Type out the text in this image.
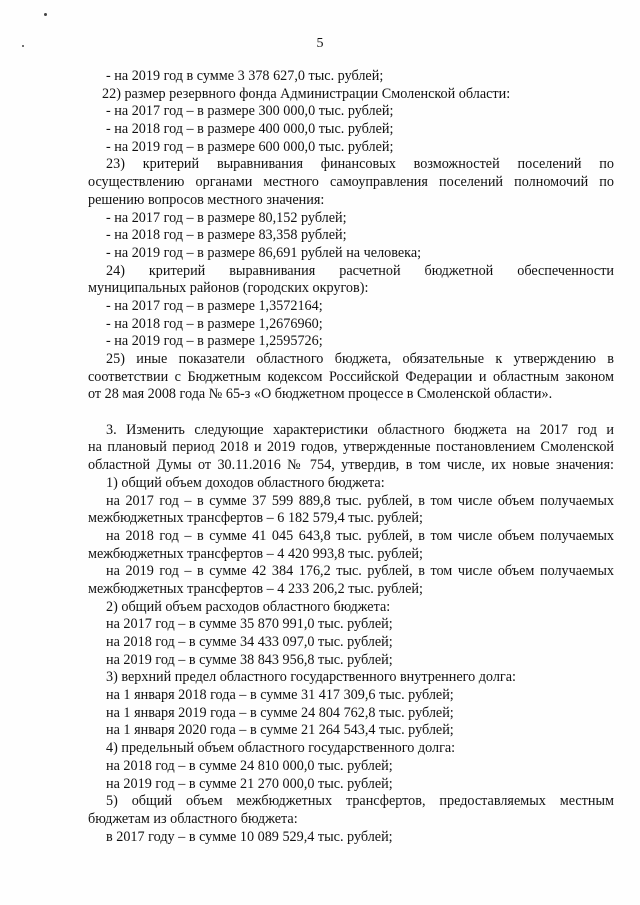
5
- на 2019 год в сумме 3 378 627,0 тыс. рублей;
22) размер резервного фонда Администрации Смоленской области:
- на 2017 год – в размере 300 000,0 тыс. рублей;
- на 2018 год – в размере 400 000,0 тыс. рублей;
- на 2019 год – в размере 600 000,0 тыс. рублей;
23) критерий выравнивания финансовых возможностей поселений по
осуществлению органами местного самоуправления поселений полномочий по
решению вопросов местного значения:
- на 2017 год – в размере 80,152 рублей;
- на 2018 год – в размере 83,358 рублей;
- на 2019 год – в размере 86,691 рублей на человека;
24) критерий выравнивания расчетной бюджетной обеспеченности
муниципальных районов (городских округов):
- на 2017 год – в размере 1,3572164;
- на 2018 год – в размере 1,2676960;
- на 2019 год – в размере 1,2595726;
25) иные показатели областного бюджета, обязательные к утверждению в
соответствии с Бюджетным кодексом Российской Федерации и областным законом
от 28 мая 2008 года № 65-з «О бюджетном процессе в Смоленской области».
3. Изменить следующие характеристики областного бюджета на 2017 год и
на плановый период 2018 и 2019 годов, утвержденные постановлением Смоленской
областной Думы от 30.11.2016 № 754, утвердив, в том числе, их новые значения:
1) общий объем доходов областного бюджета:
на 2017 год – в сумме 37 599 889,8 тыс. рублей, в том числе объем получаемых
межбюджетных трансфертов – 6 182 579,4 тыс. рублей;
на 2018 год – в сумме 41 045 643,8 тыс. рублей, в том числе объем получаемых
межбюджетных трансфертов – 4 420 993,8 тыс. рублей;
на 2019 год – в сумме 42 384 176,2 тыс. рублей, в том числе объем получаемых
межбюджетных трансфертов – 4 233 206,2 тыс. рублей;
2) общий объем расходов областного бюджета:
на 2017 год – в сумме 35 870 991,0 тыс. рублей;
на 2018 год – в сумме 34 433 097,0 тыс. рублей;
на 2019 год – в сумме 38 843 956,8 тыс. рублей;
3) верхний предел областного государственного внутреннего долга:
на 1 января 2018 года – в сумме 31 417 309,6 тыс. рублей;
на 1 января 2019 года – в сумме 24 804 762,8 тыс. рублей;
на 1 января 2020 года – в сумме 21 264 543,4 тыс. рублей;
4) предельный объем областного государственного долга:
на 2018 год – в сумме 24 810 000,0 тыс. рублей;
на 2019 год – в сумме 21 270 000,0 тыс. рублей;
5) общий объем межбюджетных трансфертов, предоставляемых местным
бюджетам из областного бюджета:
в 2017 году – в сумме 10 089 529,4 тыс. рублей;
